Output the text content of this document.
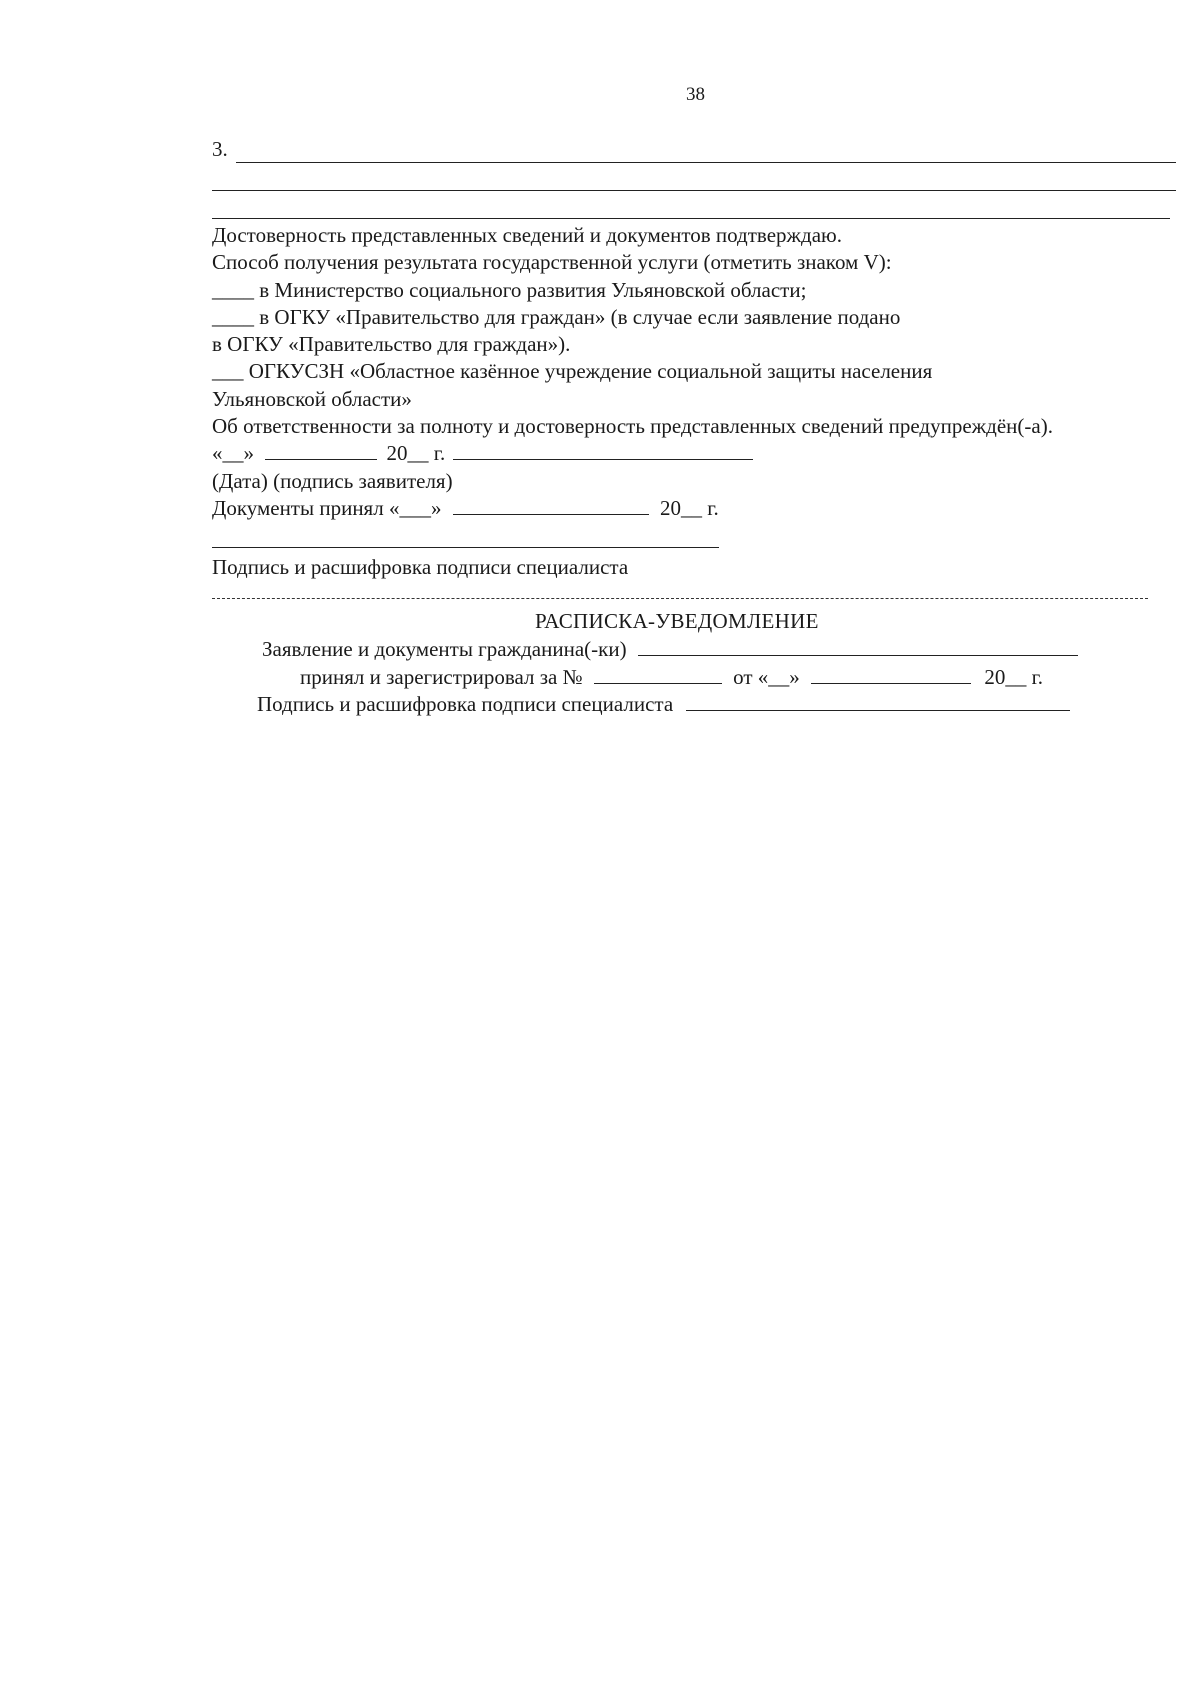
38
3.
Достоверность представленных сведений и документов подтверждаю.
Способ получения результата государственной услуги (отметить знаком V):
____ в Министерство социального развития Ульяновской области;
____ в ОГКУ «Правительство для граждан» (в случае если заявление подано
в ОГКУ «Правительство для граждан»).
___ ОГКУСЗН «Областное казённое учреждение социальной защиты населения
Ульяновской области»
Об ответственности за полноту и достоверность представленных сведений предупреждён(-а).
«__»	20__ г.
(Дата) (подпись заявителя)
Документы принял «___»	20__ г.
Подпись и расшифровка подписи специалиста
РАСПИСКА-УВЕДОМЛЕНИЕ
Заявление и документы гражданина(-ки)
принял и зарегистрировал за №	от «__»	20__ г.
Подпись и расшифровка подписи специалиста
